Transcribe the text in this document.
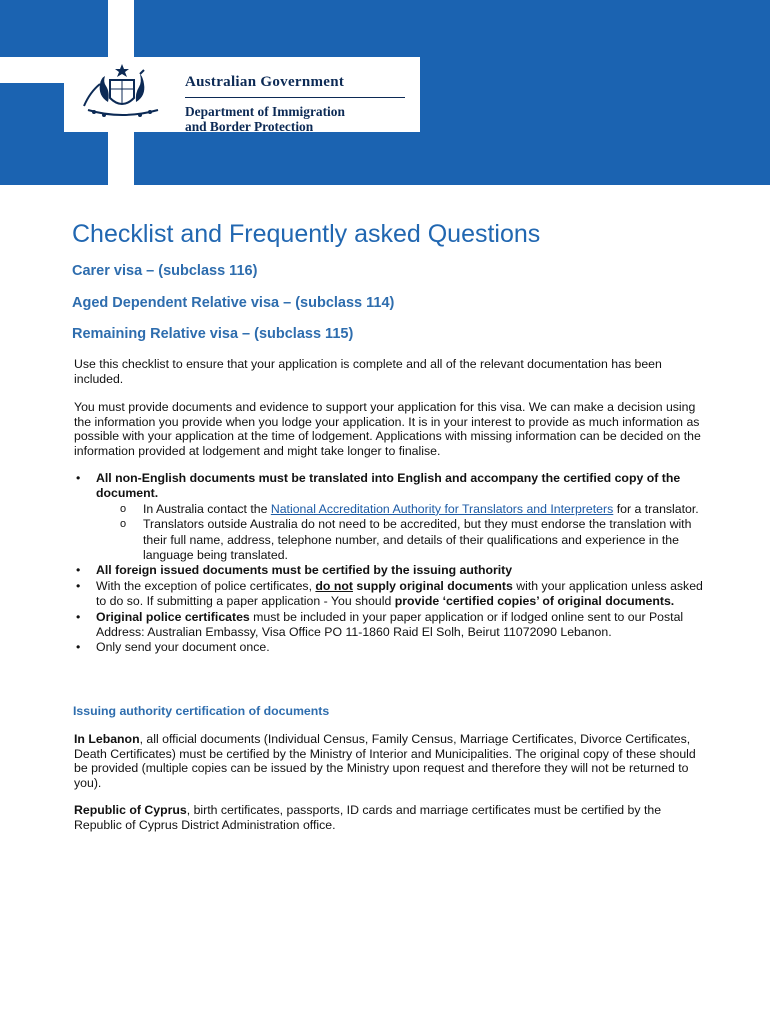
Australian Government
Department of Immigration
and Border Protection
Checklist and Frequently asked Questions
Carer visa – (subclass 116)
Aged Dependent Relative visa – (subclass 114)
Remaining Relative visa – (subclass 115)

Use this checklist to ensure that your application is complete and all of the relevant documentation has been included.

You must provide documents and evidence to support your application for this visa. We can make a decision using the information you provide when you lodge your application. It is in your interest to provide as much information as possible with your application at the time of lodgement. Applications with missing information can be decided on the information provided at lodgement and might take longer to finalise.

• All non-English documents must be translated into English and accompany the certified copy of the document.
o In Australia contact the National Accreditation Authority for Translators and Interpreters for a translator.
o Translators outside Australia do not need to be accredited, but they must endorse the translation with their full name, address, telephone number, and details of their qualifications and experience in the language being translated.
• All foreign issued documents must be certified by the issuing authority
• With the exception of police certificates, do not supply original documents with your application unless asked to do so. If submitting a paper application - You should provide ‘certified copies’ of original documents.
• Original police certificates must be included in your paper application or if lodged online sent to our Postal Address: Australian Embassy, Visa Office PO 11-1860 Raid El Solh, Beirut 11072090 Lebanon.
• Only send your document once.
Issuing authority certification of documents

In Lebanon, all official documents (Individual Census, Family Census, Marriage Certificates, Divorce Certificates, Death Certificates) must be certified by the Ministry of Interior and Municipalities. The original copy of these should be provided (multiple copies can be issued by the Ministry upon request and therefore they will not be returned to you).

Republic of Cyprus, birth certificates, passports, ID cards and marriage certificates must be certified by the Republic of Cyprus District Administration office.
